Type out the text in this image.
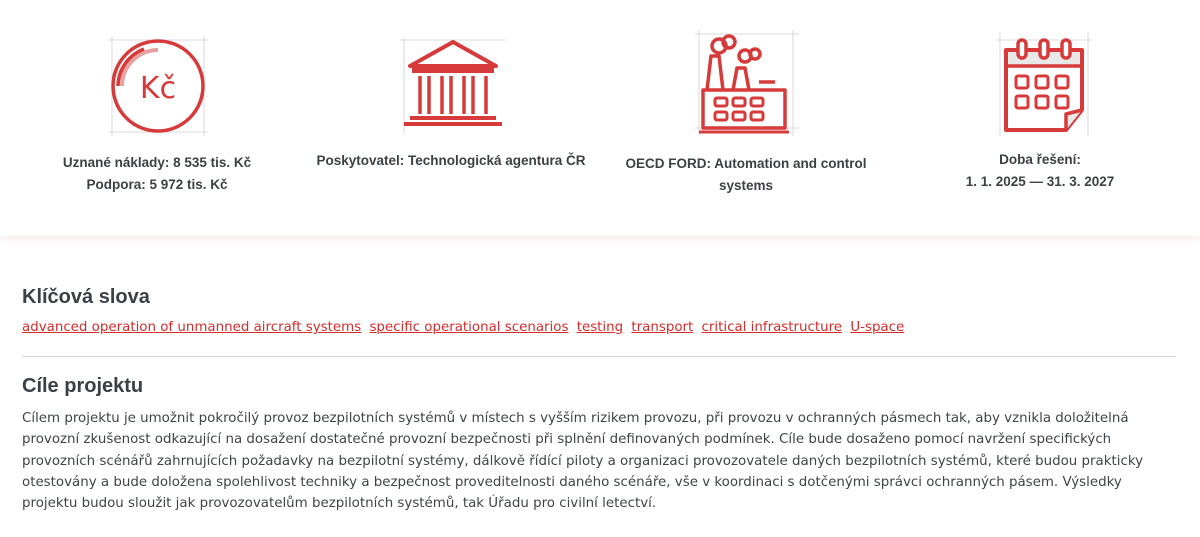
Kč
Uznané náklady: 8 535 tis. Kč
Podpora: 5 972 tis. Kč
Poskytovatel: Technologická agentura ČR	OECD FORD: Automation and control
systems
Doba řešení:
1. 1. 2025 — 31. 3. 2027
Klíčová slova
advanced operation of unmanned aircraft systems specific operational scenarios testing transport critical infrastructure U-space
Cíle projektu

Cílem projektu je umožnit pokročilý provoz bezpilotních systémů v místech s vyšším rizikem provozu, při provozu v ochranných pásmech tak, aby vznikla doložitelná provozní zkušenost odkazující na dosažení dostatečné provozní bezpečnosti při splnění definovaných podmínek. Cíle bude dosaženo pomocí navržení specifických provozních scénářů zahrnujících požadavky na bezpilotní systémy, dálkově řídící piloty a organizaci provozovatele daných bezpilotních systémů, které budou prakticky otestovány a bude doložena spolehlivost techniky a bezpečnost proveditelnosti daného scénáře, vše v koordinaci s dotčenými správci ochranných pásem. Výsledky projektu budou sloužit jak provozovatelům bezpilotních systémů, tak Úřadu pro civilní letectví.
